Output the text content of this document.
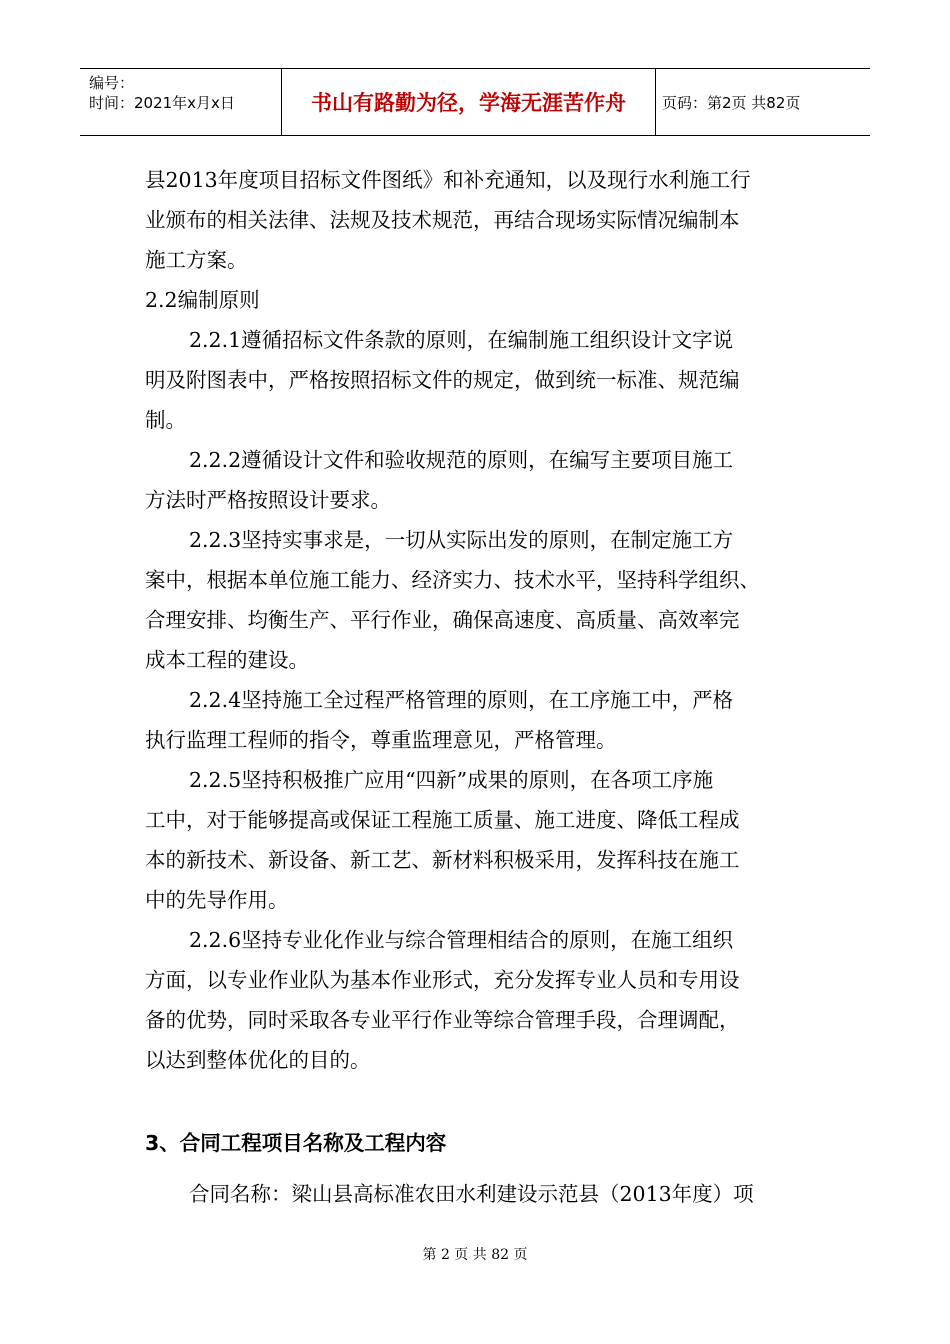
编号：
时间：2021年x月x日	书山有路勤为径，学海无涯苦作舟	页码：第2页 共82页
县2013年度项目招标文件图纸》和补充通知，以及现行水利施工行
业颁布的相关法律、法规及技术规范，再结合现场实际情况编制本
施工方案。
2.2编制原则
2.2.1遵循招标文件条款的原则，在编制施工组织设计文字说
明及附图表中，严格按照招标文件的规定，做到统一标准、规范编
制。
2.2.2遵循设计文件和验收规范的原则，在编写主要项目施工
方法时严格按照设计要求。
2.2.3坚持实事求是，一切从实际出发的原则，在制定施工方
案中，根据本单位施工能力、经济实力、技术水平，坚持科学组织、
合理安排、均衡生产、平行作业，确保高速度、高质量、高效率完
成本工程的建设。
2.2.4坚持施工全过程严格管理的原则，在工序施工中，严格
执行监理工程师的指令，尊重监理意见，严格管理。
2.2.5坚持积极推广应用“四新”成果的原则，在各项工序施
工中，对于能够提高或保证工程施工质量、施工进度、降低工程成
本的新技术、新设备、新工艺、新材料积极采用，发挥科技在施工
中的先导作用。
2.2.6坚持专业化作业与综合管理相结合的原则，在施工组织
方面，以专业作业队为基本作业形式，充分发挥专业人员和专用设
备的优势，同时采取各专业平行作业等综合管理手段，合理调配，
以达到整体优化的目的。
3、合同工程项目名称及工程内容
合同名称：梁山县高标准农田水利建设示范县（2013年度）项
第 2 页 共 82 页
